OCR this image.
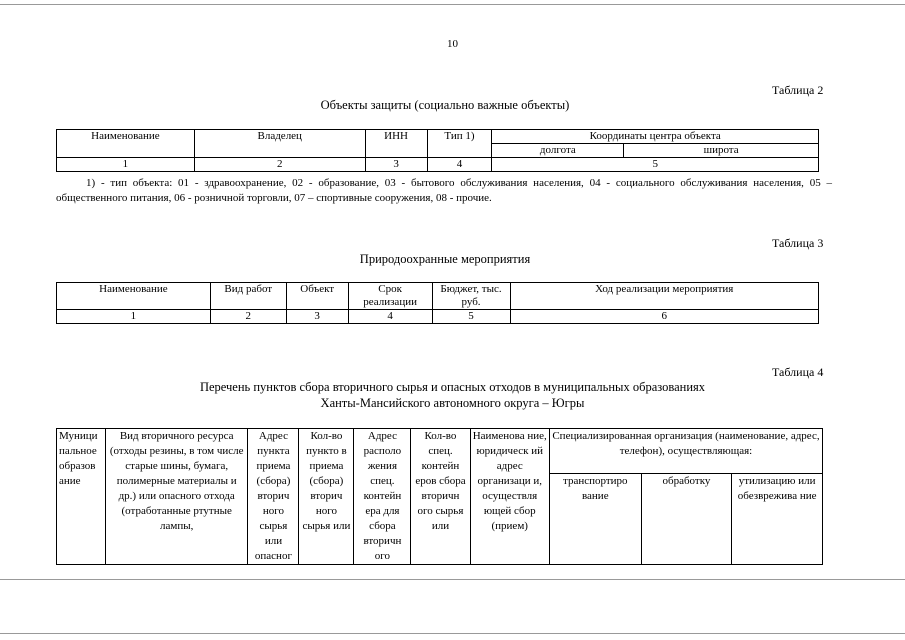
10
Таблица 2
Объекты защиты (социально важные объекты)
Наименование	Владелец	ИНН	Тип 1)	Координаты центра объекта	
				долгота	широта
1	2	3	4	5	
1) - тип объекта: 01 - здравоохранение, 02 - образование, 03 - бытового обслуживания населения, 04 - социального обслуживания населения, 05 – общественного питания, 06 - розничной торговли, 07 – спортивные сооружения, 08 - прочие.
Таблица 3
Природоохранные мероприятия
Наименование	Вид работ	Объект	Срок реализации	Бюджет, тыс. руб.	Ход реализации мероприятия
1	2	3	4	5	6
Таблица 4
Перечень пунктов сбора вторичного сырья и опасных отходов в муниципальных образованиях
Ханты-Мансийского автономного округа – Югры
Муници пальное образов ание	Вид вторичного ресурса (отходы резины, в том числе старые шины, бумага, полимерные материалы и др.) или опасного отхода (отработанные ртутные лампы,	Адрес пункта приема (сбора) вторич ного сырья или опасног	Кол-во пункто в приема (сбора) вторич ного сырья или	Адрес располо жения спец. контейн ера для сбора вторичн ого	Кол-во спец. контейн еров сбора вторичн ого сырья или	Наименова ние, юридическ ий адрес организаци и, осуществля ющей сбор (прием)	Специализированная организация (наименование, адрес, телефон), осуществляющая:		
							транспортиро вание	обработку	утилизацию или обезврежива ние
